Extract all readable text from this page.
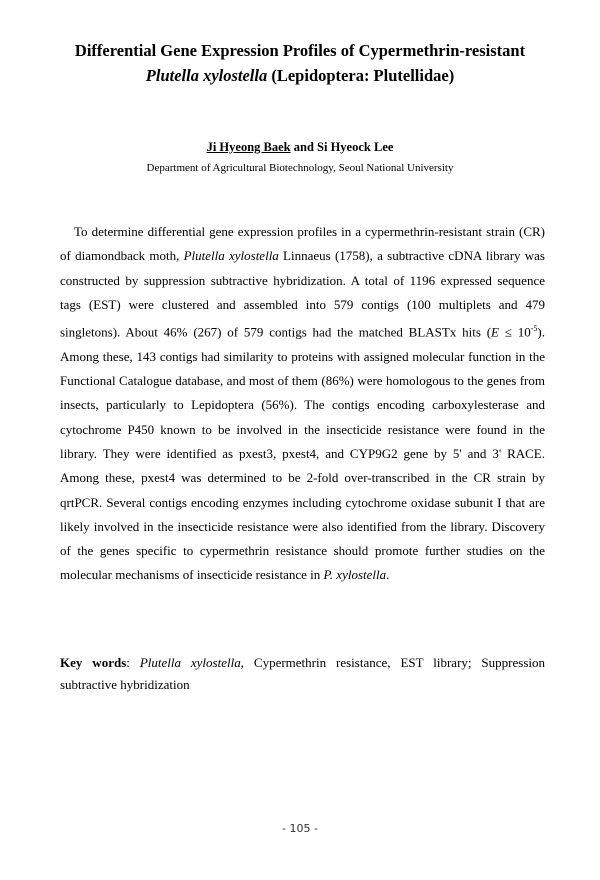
Differential Gene Expression Profiles of Cypermethrin-resistant
Plutella xylostella (Lepidoptera: Plutellidae)
Ji Hyeong Baek and Si Hyeock Lee
Department of Agricultural Biotechnology, Seoul National University

To determine differential gene expression profiles in a cypermethrin-resistant strain (CR) of diamondback moth, Plutella xylostella Linnaeus (1758), a subtractive cDNA library was constructed by suppression subtractive hybridization. A total of 1196 expressed sequence tags (EST) were clustered and assembled into 579 contigs (100 multiplets and 479 singletons). About 46% (267) of 579 contigs had the matched BLASTx hits $(E \le 10^{-5})$. Among these, 143 contigs had similarity to proteins with assigned molecular function in the Functional Catalogue database, and most of them (86%) were homologous to the genes from insects, particularly to Lepidoptera (56%). The contigs encoding carboxylesterase and cytochrome P450 known to be involved in the insecticide resistance were found in the library. They were identified as pxest3, pxest4, and CYP9G2 gene by 5' and 3' RACE. Among these, pxest4 was determined to be 2-fold over-transcribed in the CR strain by qrtPCR. Several contigs encoding enzymes including cytochrome oxidase subunit I that are likely involved in the insecticide resistance were also identified from the library. Discovery of the genes specific to cypermethrin resistance should promote further studies on the molecular mechanisms of insecticide resistance in P. xylostella.

Key words: Plutella xylostella, Cypermethrin resistance, EST library; Suppression subtractive hybridization

- 105 -
